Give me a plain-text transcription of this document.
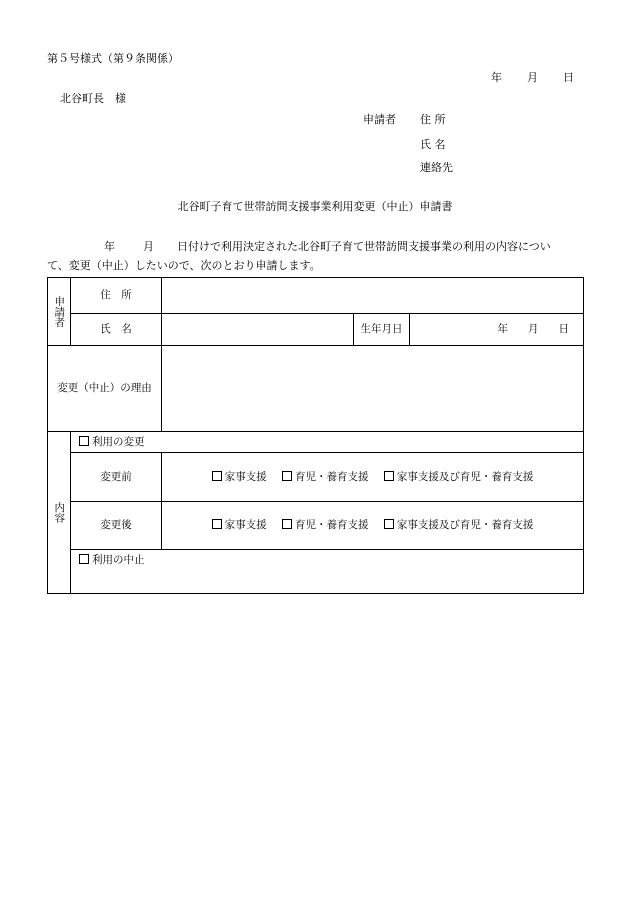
第５号様式（第９条関係）
年 月 日
北谷町長　様
申請者 住 所
氏 名
連絡先
北谷町子育て世帯訪問支援事業利用変更（中止）申請書
年	月 日付けで利用決定された北谷町子育て世帯訪問支援事業の利用の内容につい
て、変更（中止）したいので、次のとおり申請します。
申請者	住　所			
	氏　名		生年月日	年 月 日
変更（中止）の理由				

内容	利用の変更			
	変更前	家事支援 育児・養育支援 家事支援及び育児・養育支援		
	変更後	家事支援 育児・養育支援 家事支援及び育児・養育支援		
	利用の中止			
